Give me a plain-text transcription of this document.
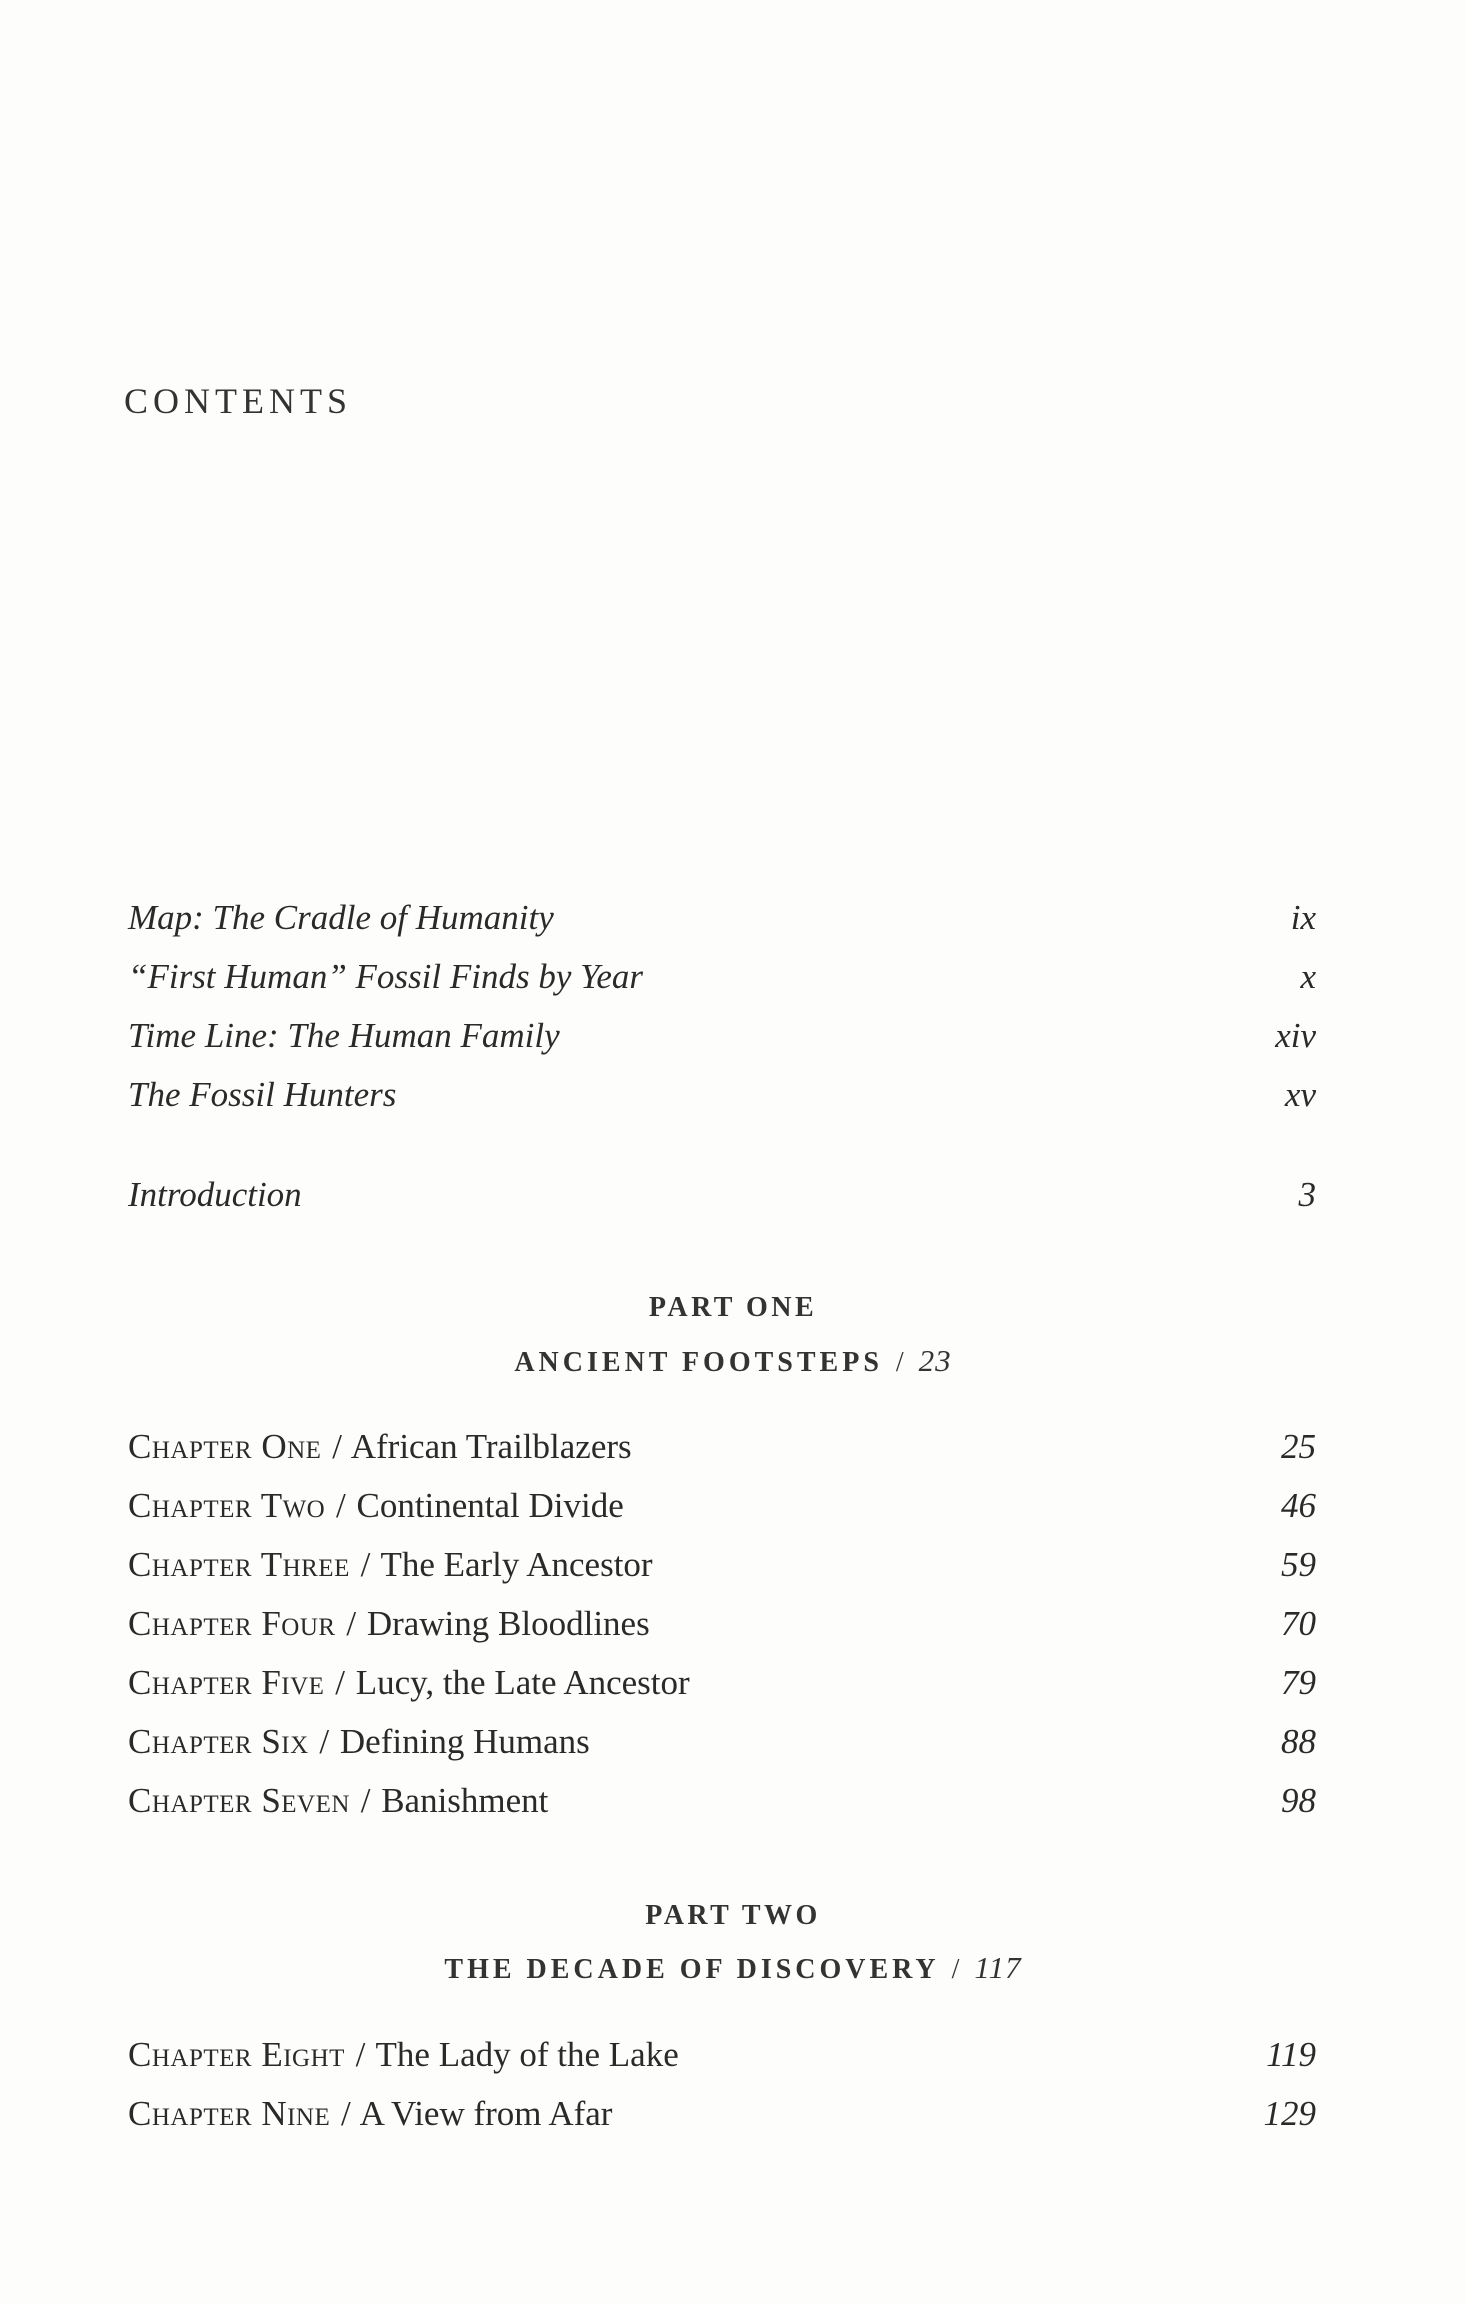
CONTENTS
Map: The Cradle of Humanity	ix
“First Human” Fossil Finds by Year	x
Time Line: The Human Family	xiv
The Fossil Hunters	xv
Introduction	3
PART ONE
ANCIENT FOOTSTEPS / 23
Chapter One / African Trailblazers	25
Chapter Two / Continental Divide	46
Chapter Three / The Early Ancestor	59
Chapter Four / Drawing Bloodlines	70
Chapter Five / Lucy, the Late Ancestor	79
Chapter Six / Defining Humans	88
Chapter Seven / Banishment	98
PART TWO
THE DECADE OF DISCOVERY / 117
Chapter Eight / The Lady of the Lake	119
Chapter Nine / A View from Afar	129
